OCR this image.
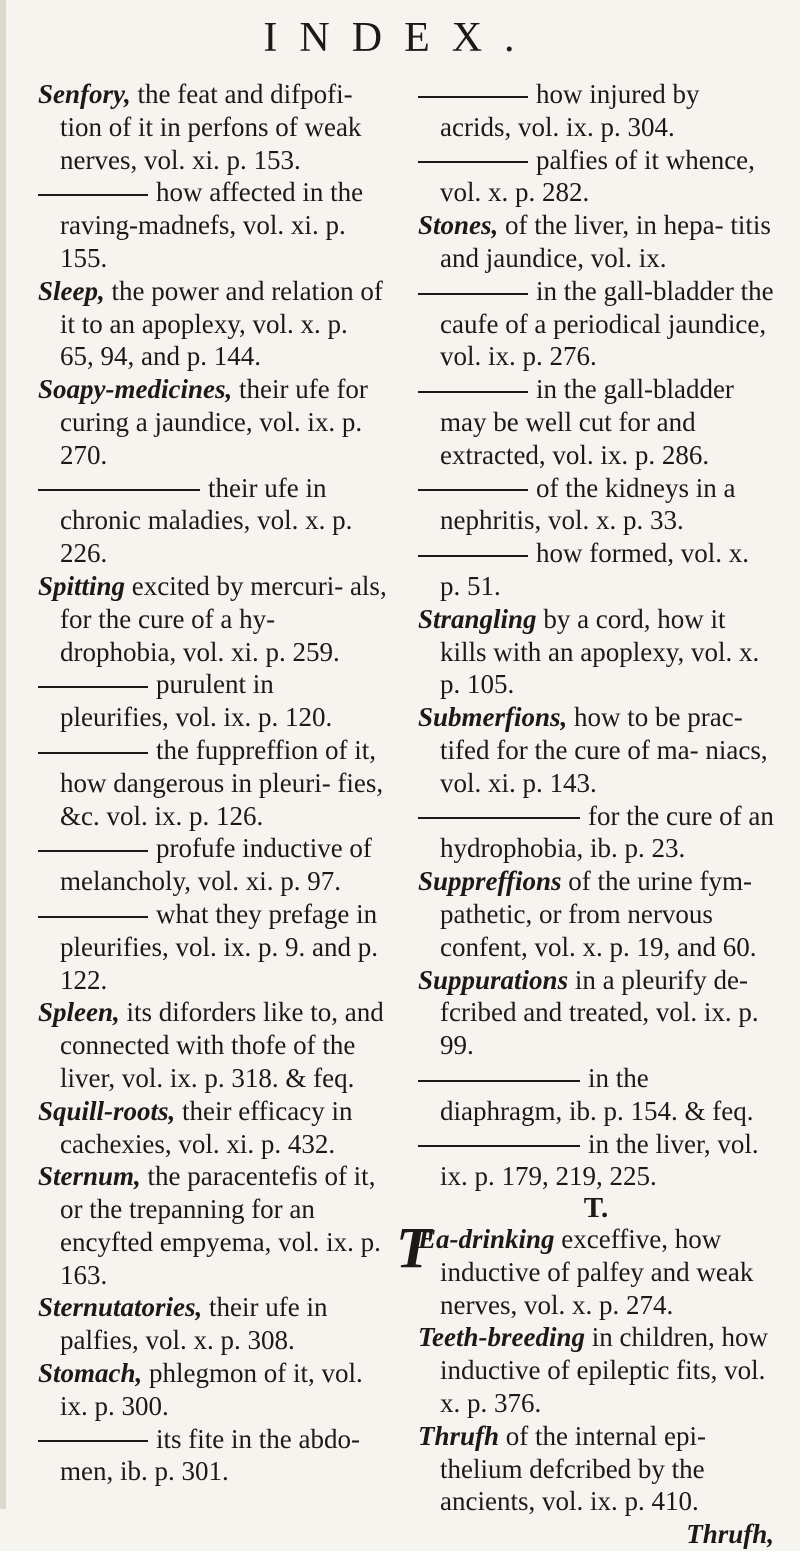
INDEX.
Senfory, the feat and difpofi- tion of it in perfons of weak nerves, vol. xi. p. 153.
how affected in the raving-madnefs, vol. xi. p. 155.
Sleep, the power and relation of it to an apoplexy, vol. x. p. 65, 94, and p. 144.
Soapy-medicines, their ufe for curing a jaundice, vol. ix. p. 270.
their ufe in chronic maladies, vol. x. p. 226.
Spitting excited by mercuri- als, for the cure of a hy- drophobia, vol. xi. p. 259.
purulent in pleurifies, vol. ix. p. 120.
the fuppreffion of it, how dangerous in pleuri- fies, &c. vol. ix. p. 126.
profufe inductive of melancholy, vol. xi. p. 97.
what they prefage in pleurifies, vol. ix. p. 9. and p. 122.
Spleen, its diforders like to, and connected with thofe of the liver, vol. ix. p. 318. & feq.
Squill-roots, their efficacy in cachexies, vol. xi. p. 432.
Sternum, the paracentefis of it, or the trepanning for an encyfted empyema, vol. ix. p. 163.
Sternutatories, their ufe in palfies, vol. x. p. 308.
Stomach, phlegmon of it, vol. ix. p. 300.
its fite in the abdo- men, ib. p. 301.
how injured by acrids, vol. ix. p. 304.
palfies of it whence, vol. x. p. 282.
Stones, of the liver, in hepa- titis and jaundice, vol. ix.
in the gall-bladder the caufe of a periodical jaundice, vol. ix. p. 276.
in the gall-bladder may be well cut for and extracted, vol. ix. p. 286.
of the kidneys in a nephritis, vol. x. p. 33.
how formed, vol. x. p. 51.
Strangling by a cord, how it kills with an apoplexy, vol. x. p. 105.
Submerfions, how to be prac- tifed for the cure of ma- niacs, vol. xi. p. 143.
for the cure of an hydrophobia, ib. p. 23.
Suppreffions of the urine fym- pathetic, or from nervous confent, vol. x. p. 19, and 60.
Suppurations in a pleurify de- fcribed and treated, vol. ix. p. 99.
in the diaphragm, ib. p. 154. & feq.
in the liver, vol. ix. p. 179, 219, 225.
T.
T
Ea-drinking exceffive, how inductive of palfey and weak nerves, vol. x. p. 274.
Teeth-breeding in children, how inductive of epileptic fits, vol. x. p. 376.
Thrufh of the internal epi- thelium defcribed by the ancients, vol. ix. p. 410.
Thrufh,
